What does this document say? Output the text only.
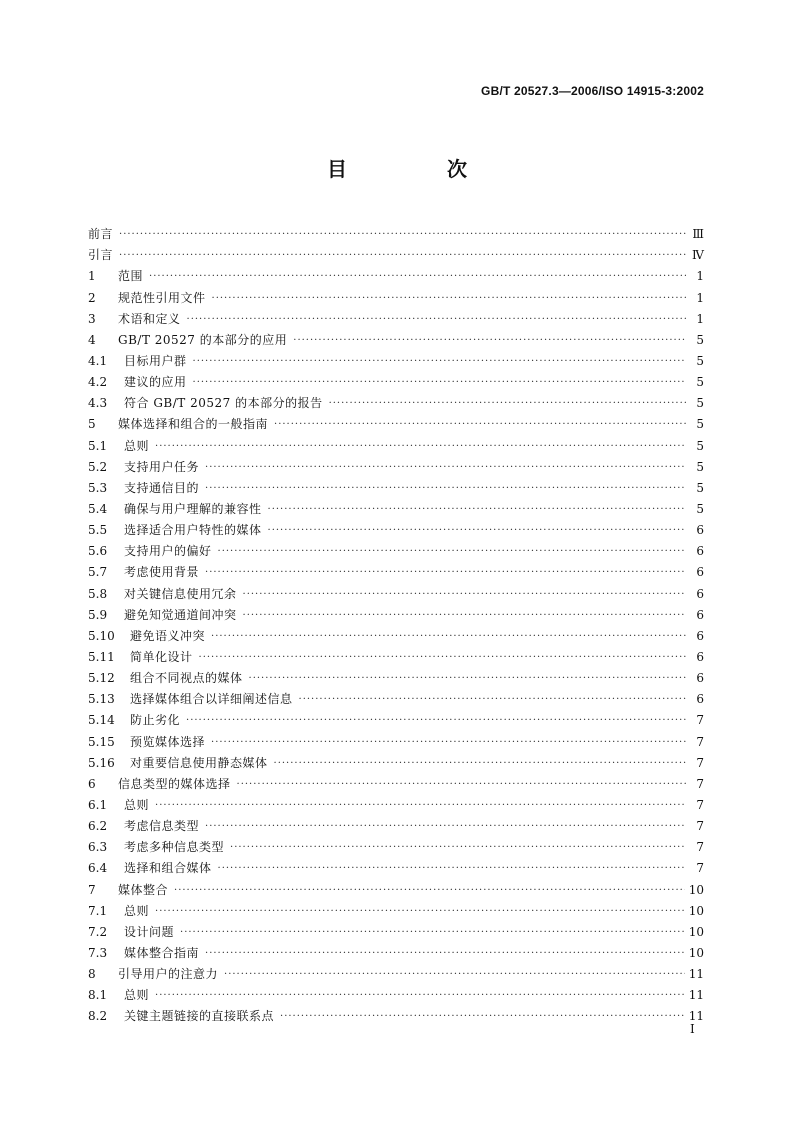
GB/T 20527.3—2006/ISO 14915-3:2002
目　次
前言 ·····	Ⅲ
引言 ·····	Ⅳ
1	范围 ·····	1
2	规范性引用文件 ·····	1
3	术语和定义 ·····	1
4	GB/T 20527 的本部分的应用 ·····	5
4.1	目标用户群 ·····	5
4.2	建议的应用 ·····	5
4.3	符合 GB/T 20527 的本部分的报告 ·····	5
5	媒体选择和组合的一般指南 ·····	5
5.1	总则 ·····	5
5.2	支持用户任务 ·····	5
5.3	支持通信目的 ·····	5
5.4	确保与用户理解的兼容性 ·····	5
5.5	选择适合用户特性的媒体 ·····	6
5.6	支持用户的偏好 ·····	6
5.7	考虑使用背景 ·····	6
5.8	对关键信息使用冗余 ·····	6
5.9	避免知觉通道间冲突 ·····	6
5.10	避免语义冲突 ·····	6
5.11	简单化设计 ·····	6
5.12	组合不同视点的媒体 ·····	6
5.13	选择媒体组合以详细阐述信息 ·····	6
5.14	防止劣化 ·····	7
5.15	预览媒体选择 ·····	7
5.16	对重要信息使用静态媒体 ·····	7
6	信息类型的媒体选择 ·····	7
6.1	总则 ·····	7
6.2	考虑信息类型 ·····	7
6.3	考虑多种信息类型 ·····	7
6.4	选择和组合媒体 ·····	7
7	媒体整合 ·····	10
7.1	总则 ·····	10
7.2	设计问题 ·····	10
7.3	媒体整合指南 ·····	10
8	引导用户的注意力 ·····	11
8.1	总则 ·····	11
8.2	关键主题链接的直接联系点 ·····	11
Ⅰ
